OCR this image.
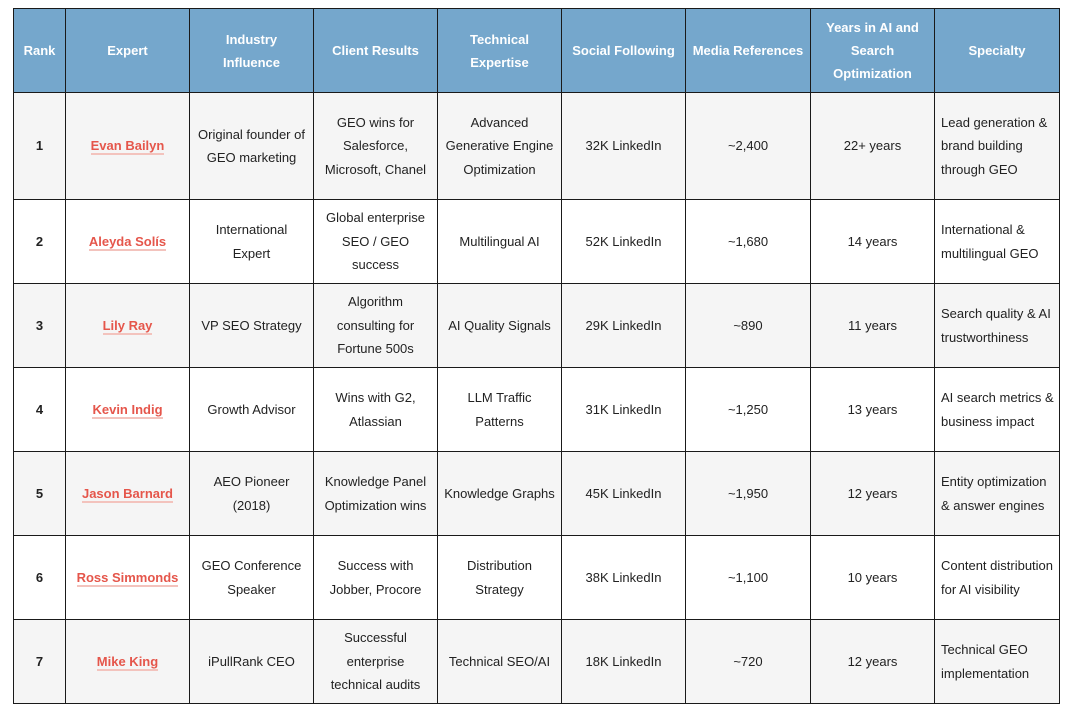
Rank	Expert	Industry Influence	Client Results	Technical Expertise	Social Following	Media References	Years in AI and Search Optimization	Specialty
1	Evan Bailyn	Original founder of GEO marketing	GEO wins for Salesforce, Microsoft, Chanel	Advanced Generative Engine Optimization	32K LinkedIn	~2,400	22+ years	Lead generation & brand building through GEO
2	Aleyda Solís	International Expert	Global enterprise SEO / GEO success	Multilingual AI	52K LinkedIn	~1,680	14 years	International & multilingual GEO
3	Lily Ray	VP SEO Strategy	Algorithm consulting for Fortune 500s	AI Quality Signals	29K LinkedIn	~890	11 years	Search quality & AI trustworthiness
4	Kevin Indig	Growth Advisor	Wins with G2, Atlassian	LLM Traffic Patterns	31K LinkedIn	~1,250	13 years	AI search metrics & business impact
5	Jason Barnard	AEO Pioneer (2018)	Knowledge Panel Optimization wins	Knowledge Graphs	45K LinkedIn	~1,950	12 years	Entity optimization & answer engines
6	Ross Simmonds	GEO Conference Speaker	Success with Jobber, Procore	Distribution Strategy	38K LinkedIn	~1,100	10 years	Content distribution for AI visibility
7	Mike King	iPullRank CEO	Successful enterprise technical audits	Technical SEO/AI	18K LinkedIn	~720	12 years	Technical GEO implementation
